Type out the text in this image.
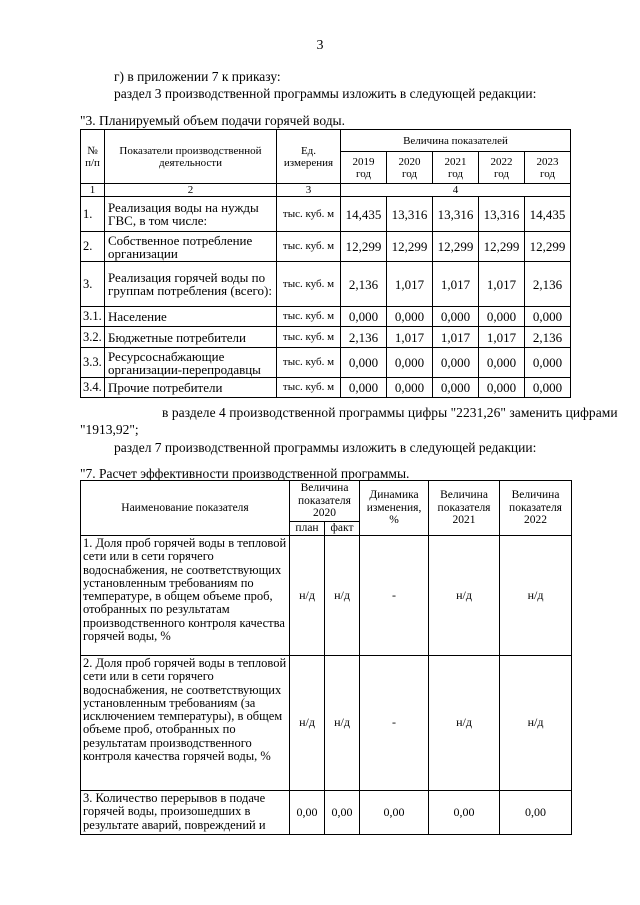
3
г) в приложении 7 к приказу:
раздел 3 производственной программы изложить в следующей редакции:
"3. Планируемый объем подачи горячей воды.
№ п/п	Показатели производственной деятельности	Ед. измерения	Величина показателей				
			2019 год	2020 год	2021 год	2022 год	2023 год
1	2	3	4				
1.	Реализация воды на нужды ГВС, в том числе:	тыс. куб. м	14,435	13,316	13,316	13,316	14,435
2.	Собственное потребление организации	тыс. куб. м	12,299	12,299	12,299	12,299	12,299
3.	Реализация горячей воды по группам потребления (всего):	тыс. куб. м	2,136	1,017	1,017	1,017	2,136
3.1.	Население	тыс. куб. м	0,000	0,000	0,000	0,000	0,000
3.2.	Бюджетные потребители	тыс. куб. м	2,136	1,017	1,017	1,017	2,136
3.3.	Ресурсоснабжающие организации-перепродавцы	тыс. куб. м	0,000	0,000	0,000	0,000	0,000
3.4.	Прочие потребители	тыс. куб. м	0,000	0,000	0,000	0,000	0,000
в разделе 4 производственной программы цифры "2231,26" заменить цифрами
"1913,92";
раздел 7 производственной программы изложить в следующей редакции:
"7. Расчет эффективности производственной программы.
Наименование показателя	Величина показателя 2020		Динамика изменения, %	Величина показателя 2021	Величина показателя 2022
	план	факт			
1. Доля проб горячей воды в тепловой сети или в сети горячего водоснабжения, не соответствующих установленным требованиям по температуре, в общем объеме проб, отобранных по результатам производственного контроля качества горячей воды, %	н/д	н/д	-	н/д	н/д
2. Доля проб горячей воды в тепловой сети или в сети горячего водоснабжения, не соответствующих установленным требованиям (за исключением температуры), в общем объеме проб, отобранных по результатам производственного контроля качества горячей воды, %	н/д	н/д	-	н/д	н/д
3. Количество перерывов в подаче горячей воды, произошедших в результате аварий, повреждений и	0,00	0,00	0,00	0,00	0,00
